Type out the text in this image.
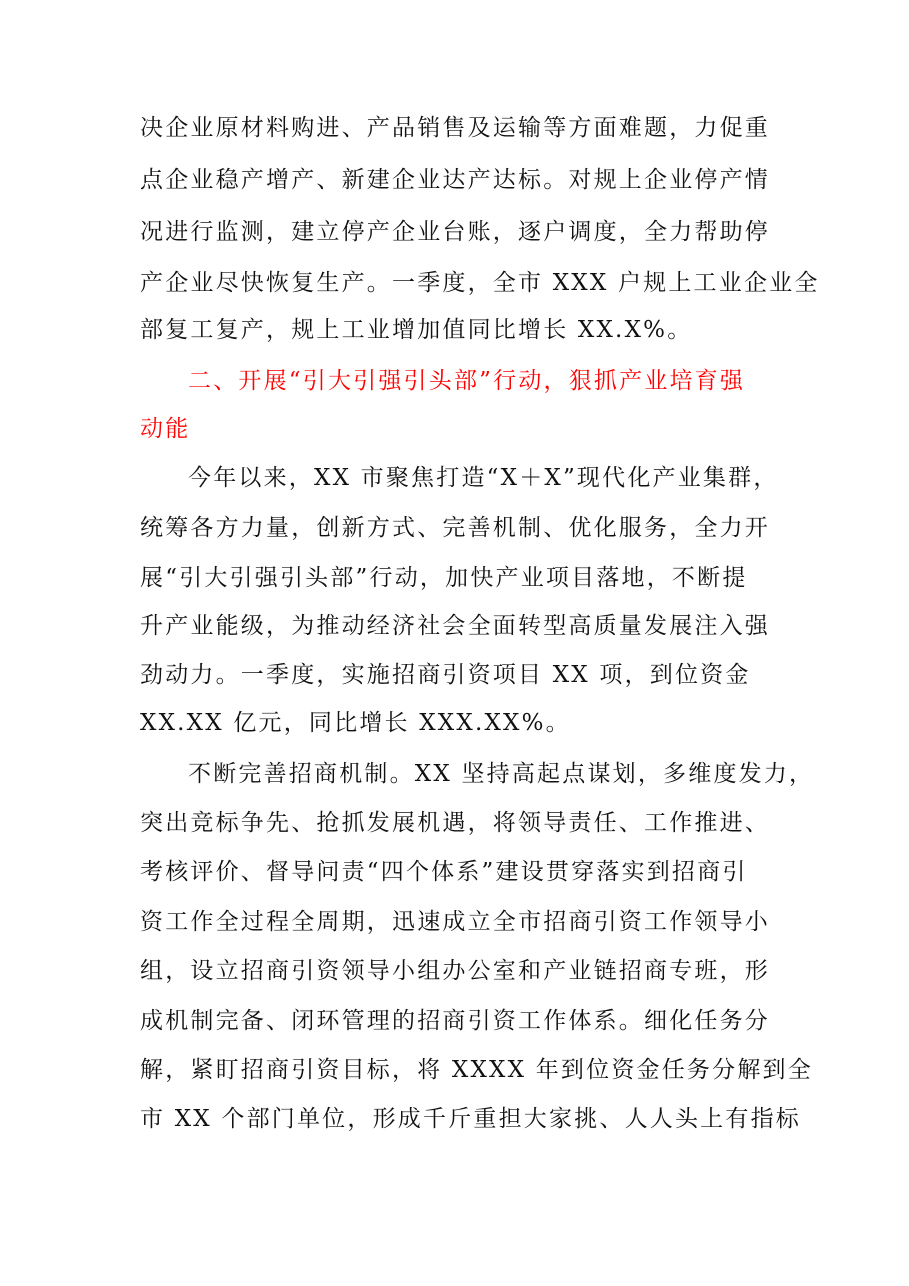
决企业原材料购进、产品销售及运输等方面难题，力促重
点企业稳产增产、新建企业达产达标。对规上企业停产情
况进行监测，建立停产企业台账，逐户调度，全力帮助停
产企业尽快恢复生产。一季度，全市 XXX 户规上工业企业全
部复工复产，规上工业增加值同比增长 XX.X%。
二、开展“引大引强引头部”行动，狠抓产业培育强
动能
今年以来，XX 市聚焦打造“X＋X”现代化产业集群，
统筹各方力量，创新方式、完善机制、优化服务，全力开
展“引大引强引头部”行动，加快产业项目落地，不断提
升产业能级，为推动经济社会全面转型高质量发展注入强
劲动力。一季度，实施招商引资项目 XX 项，到位资金
XX.XX 亿元，同比增长 XXX.XX%。
不断完善招商机制。XX 坚持高起点谋划，多维度发力，
突出竞标争先、抢抓发展机遇，将领导责任、工作推进、
考核评价、督导问责“四个体系”建设贯穿落实到招商引
资工作全过程全周期，迅速成立全市招商引资工作领导小
组，设立招商引资领导小组办公室和产业链招商专班，形
成机制完备、闭环管理的招商引资工作体系。细化任务分
解，紧盯招商引资目标，将 XXXX 年到位资金任务分解到全
市 XX 个部门单位，形成千斤重担大家挑、人人头上有指标
